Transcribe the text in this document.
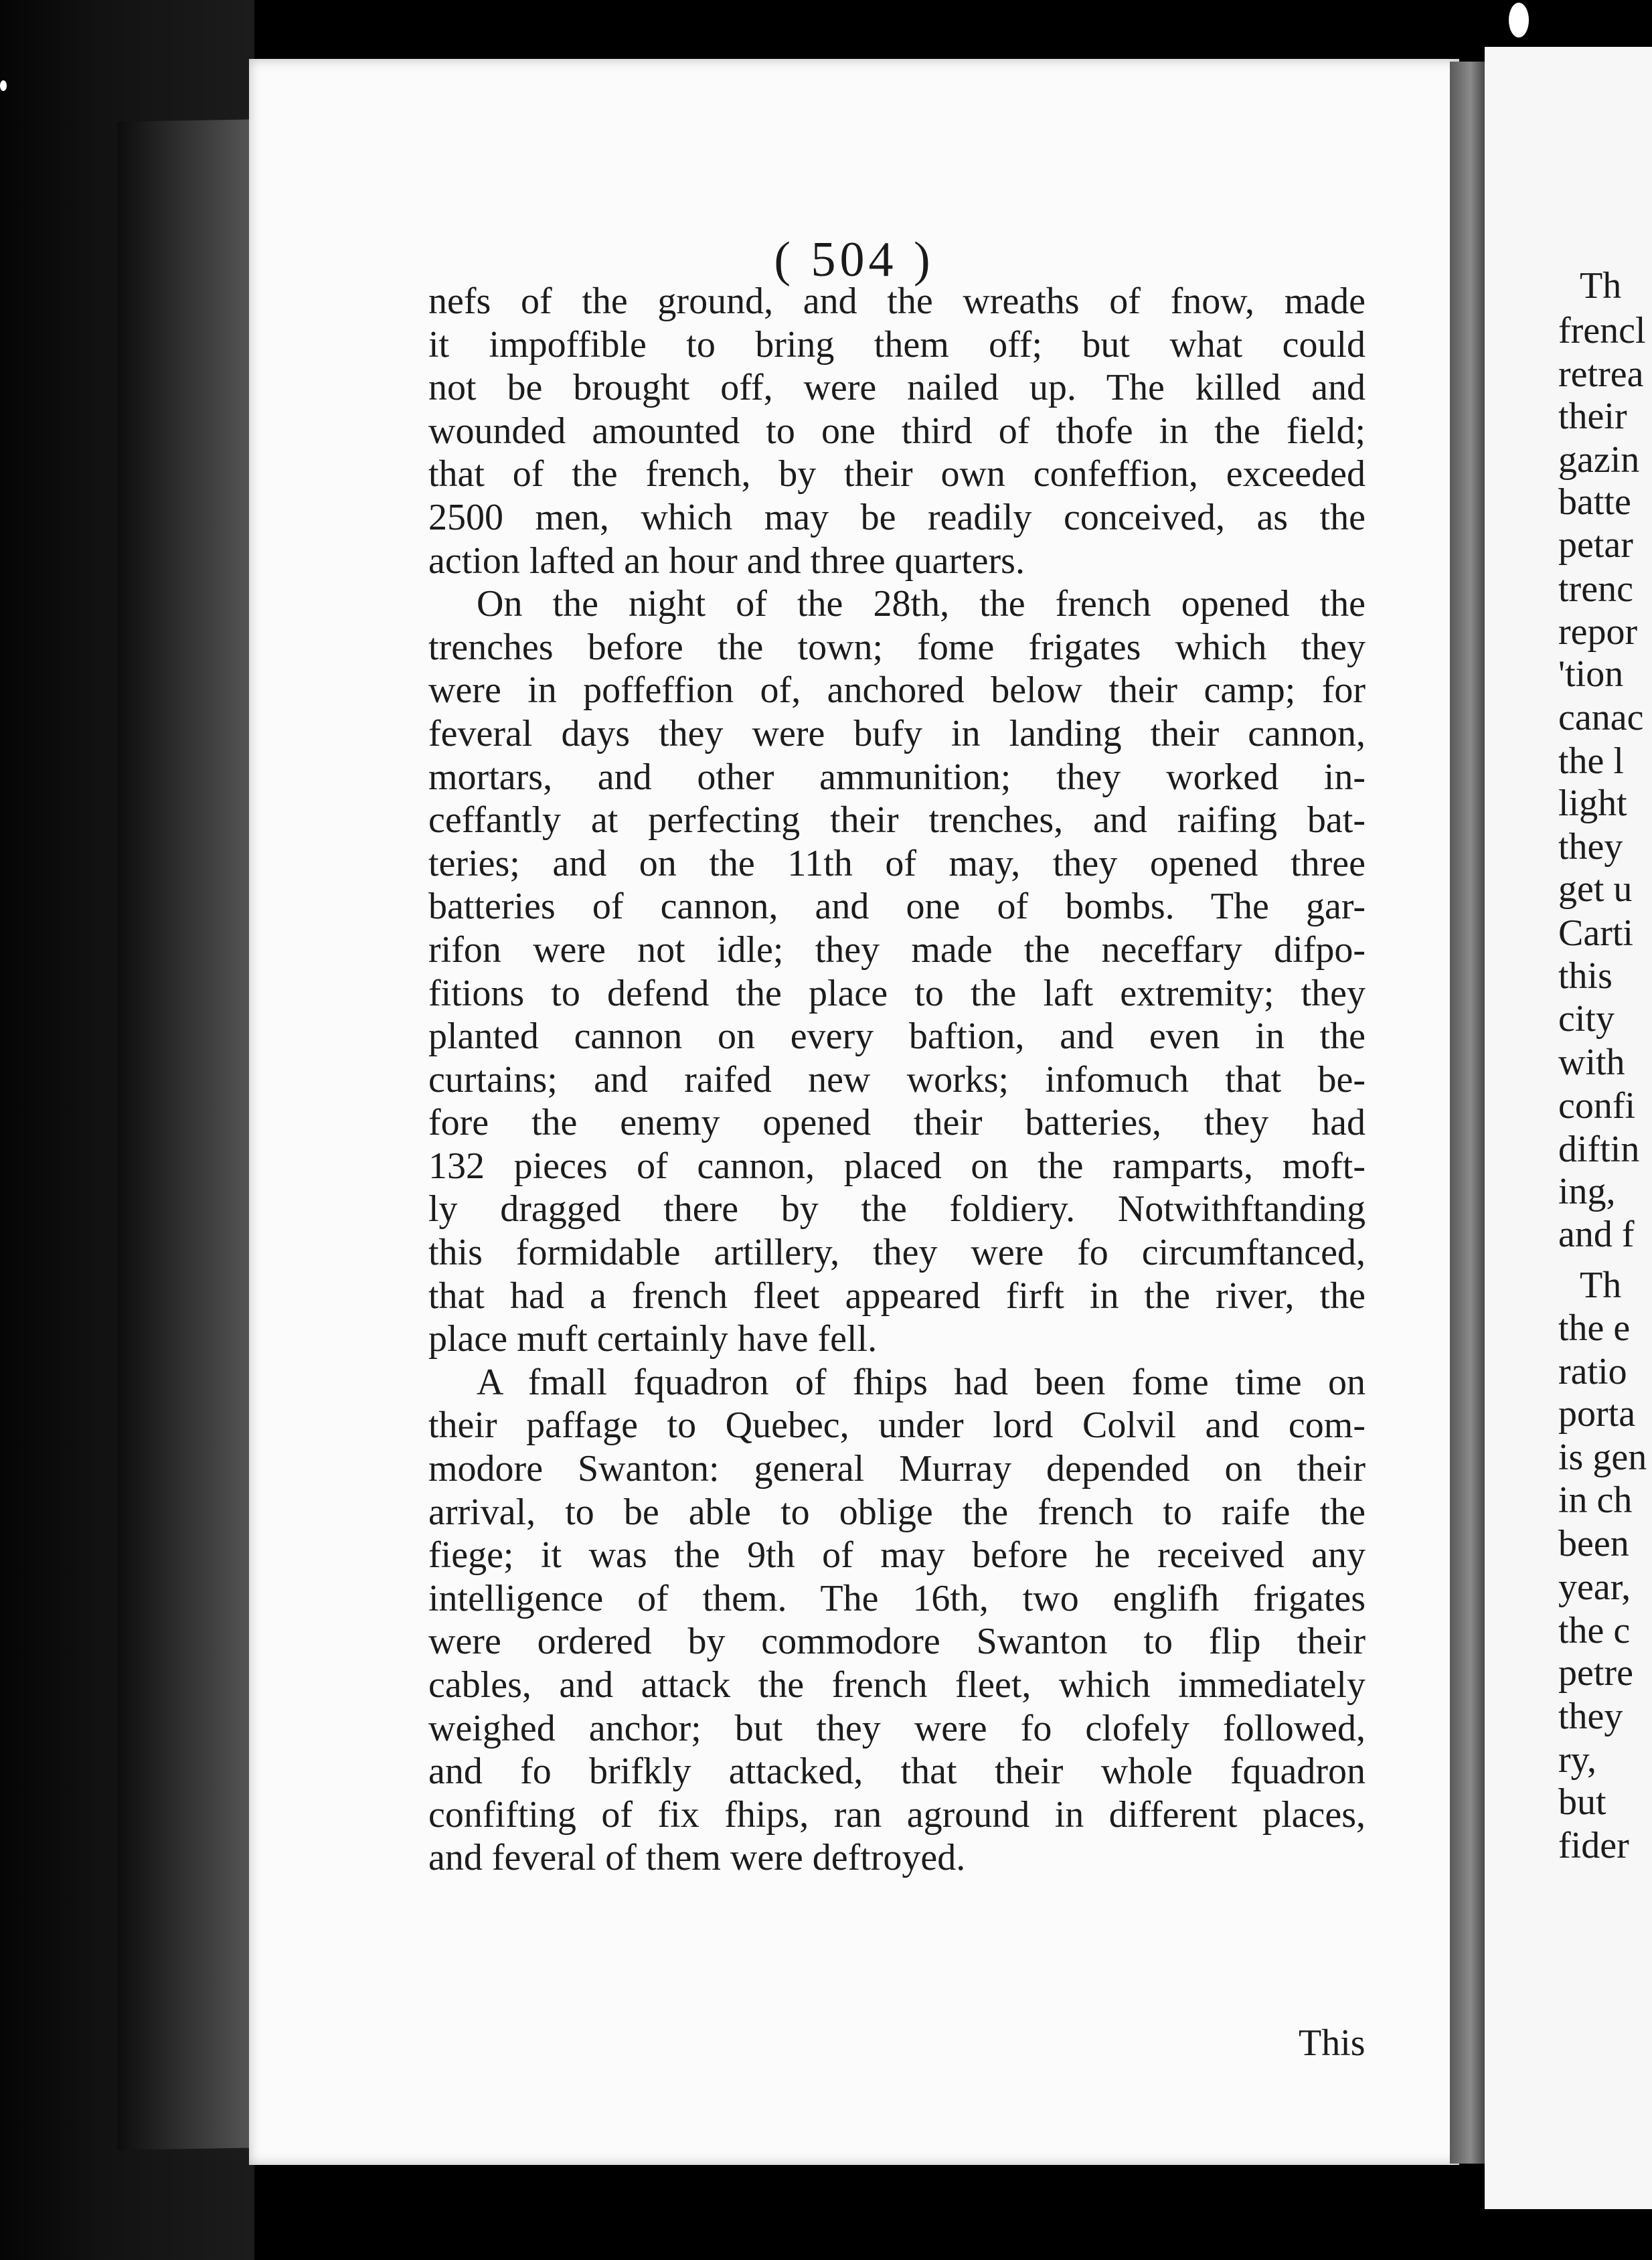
( 504 )
nefs of the ground, and the wreaths of fnow, made
it impoffible to bring them off; but what could
not be brought off, were nailed up. The killed and
wounded amounted to one third of thofe in the field;
that of the french, by their own confeffion, exceeded
2500 men, which may be readily conceived, as the
action lafted an hour and three quarters.
On the night of the 28th, the french opened the
trenches before the town; fome frigates which they
were in poffeffion of, anchored below their camp; for
feveral days they were bufy in landing their cannon,
mortars, and other ammunition; they worked in-
ceffantly at perfecting their trenches, and raifing bat-
teries; and on the 11th of may, they opened three
batteries of cannon, and one of bombs. The gar-
rifon were not idle; they made the neceffary difpo-
fitions to defend the place to the laft extremity; they
planted cannon on every baftion, and even in the
curtains; and raifed new works; infomuch that be-
fore the enemy opened their batteries, they had
132 pieces of cannon, placed on the ramparts, moft-
ly dragged there by the foldiery. Notwithftanding
this formidable artillery, they were fo circumftanced,
that had a french fleet appeared firft in the river, the
place muft certainly have fell.
A fmall fquadron of fhips had been fome time on
their paffage to Quebec, under lord Colvil and com-
modore Swanton: general Murray depended on their
arrival, to be able to oblige the french to raife the
fiege; it was the 9th of may before he received any
intelligence of them. The 16th, two englifh frigates
were ordered by commodore Swanton to flip their
cables, and attack the french fleet, which immediately
weighed anchor; but they were fo clofely followed,
and fo brifkly attacked, that their whole fquadron
confifting of fix fhips, ran aground in different places,
and feveral of them were deftroyed.
This
Th
frencl
retrea
their
gazin
batte
petar
trenc
repor
'tion
canac
the l
light
they
get u
Carti
this
city
with
confi
diftin
ing,
and f
Th
the e
ratio
porta
is gen
in ch
been
year,
the c
petre
they
ry,
but
fider
